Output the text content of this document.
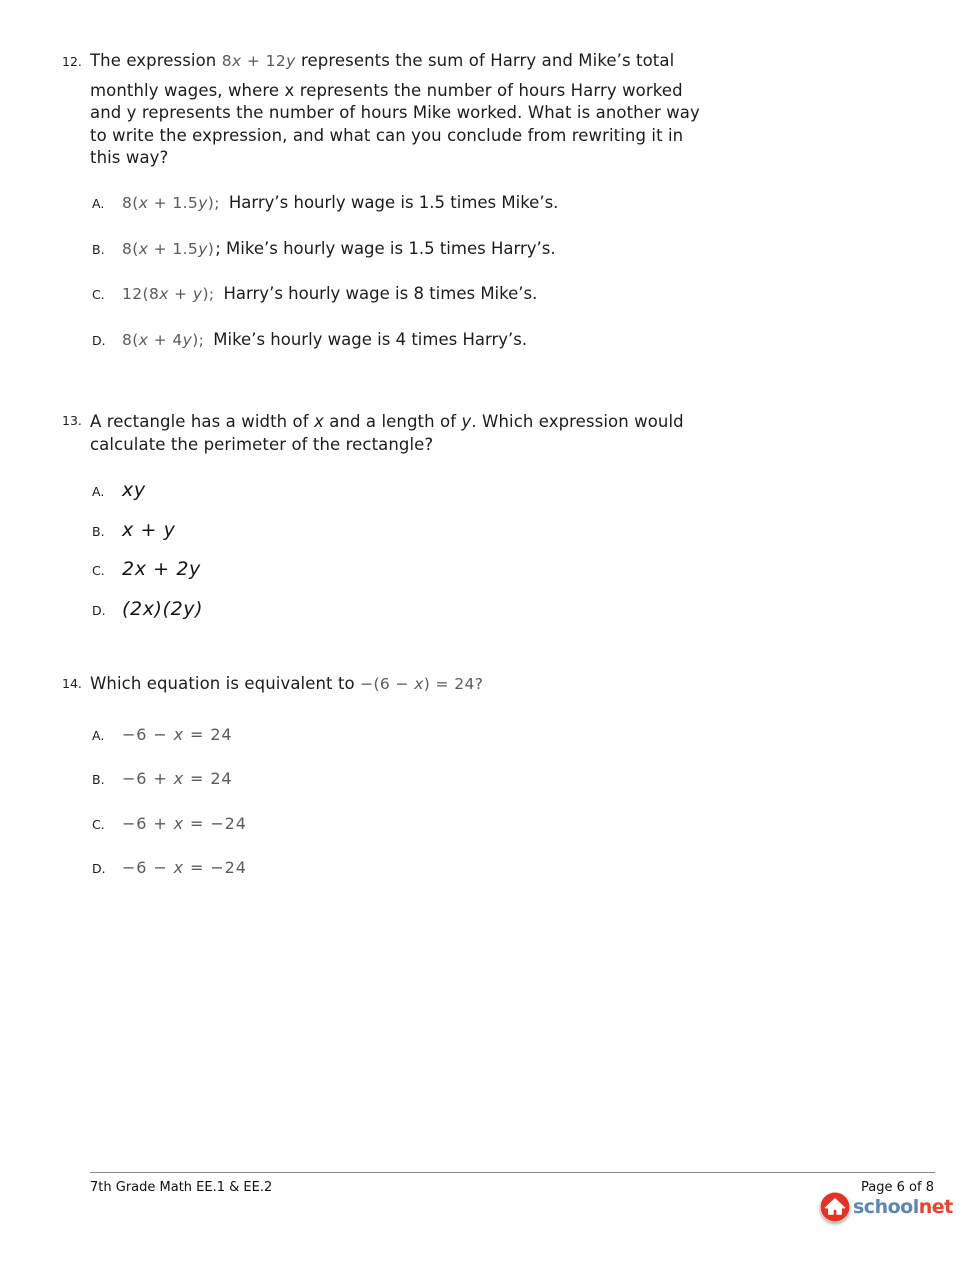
12. The expression 8x + 12y represents the sum of Harry and Mike’s total
monthly wages, where x represents the number of hours Harry worked
and y represents the number of hours Mike worked. What is another way
to write the expression, and what can you conclude from rewriting it in
this way?
A. 8(x + 1.5y); Harry’s hourly wage is 1.5 times Mike’s.
B. 8(x + 1.5y); Mike’s hourly wage is 1.5 times Harry’s.
C. 12(8x + y); Harry’s hourly wage is 8 times Mike’s.
D. 8(x + 4y); Mike’s hourly wage is 4 times Harry’s.
13. A rectangle has a width of x and a length of y. Which expression would
calculate the perimeter of the rectangle?
A. xy
B. x + y
C. 2x + 2y
D. (2x)(2y)
14. Which equation is equivalent to −(6 − x) = 24?
A. −6 − x = 24
B. −6 + x = 24
C. −6 + x = −24
D. −6 − x = −24
7th Grade Math EE.1 & EE.2	Page 6 of 8
schoolnet
